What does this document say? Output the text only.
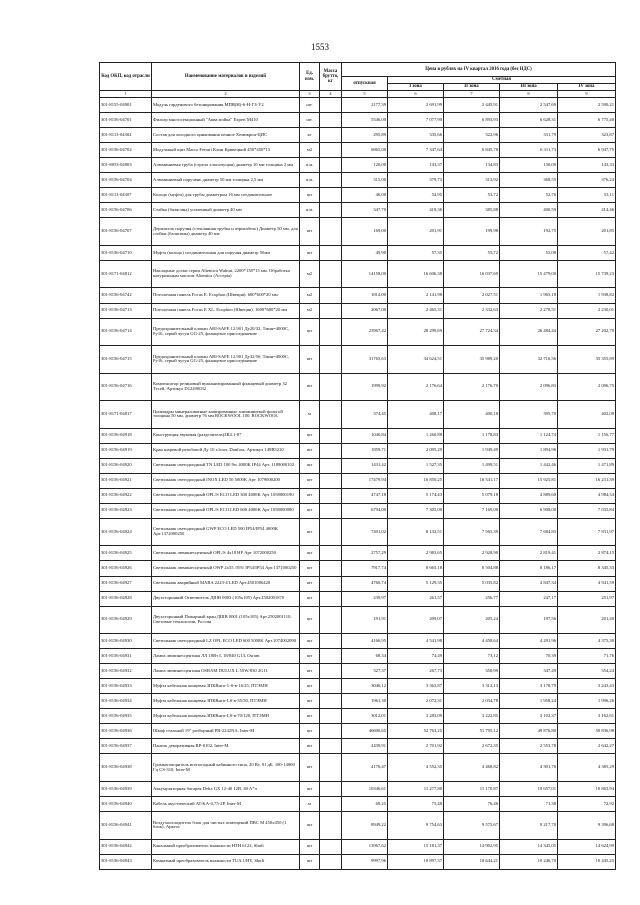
1553
Код ОКП, код отрасли	Наименование материалов и изделий	Ед. изм.	Масса брутто, кг	Цена в рублях на IV квартал 2016 года (без НДС)				
				отпускная	Сметная			
					I зона	II зона	III зона	IV зона
1	2	3	4	5	6	7	8	9
301-8155-04901	Модуль гарденового бетонирования МПВ(Н)-6-Н-ГЗ-У2	шт.		2177,39	2 691,99	2 445,91	2 547,69	2 590,21
301-8156-04701	Фильтр многосекционный "Аква мойка" Expert M410	шт.		5546,00	7 077,90	6 893,93	6 628,31	6 775,40
301-8113-04302	Состав для холодного цинкования пенное Хемикрон-ЦИС	кг		295,89	335,66	322,96	331,79	323,87
301-8156-04702	Модульный щит Marco Ferrari Клин Кривецкий 450*450*15	м2		6865,00	7 347,64	6 845,78	6 311,73	6 947,75
301-8053-04903	Алюминиевая труба (стрела хлопочущая) диаметр 10 мм толщина 2 мм	п.м.		120,00	143,37	134,83	130,09	143,33
301-8156-04704	Алюминиевый поручень диаметр 50 мм толщина 2,5 мм	п.м.		315,00	379,73	313,92	368,55	376,24
301-8113-04307	Кольцо (муфта) для трубы диаметром 16 мм соединительное	шт		46,00	54,95	53,72	52,76	53,11
301-8156-04706	Стойка (балясина) усиленный диаметр 40 мм	п.м.		347,70	418,36	385,88	400,59	414,46
301-8156-04707	Держатель поручня (стеклянная трубка и аэрокабель) Диаметр 50 мм, для стойки (балясины) диаметр 40 мм	шт		169,00	201,91	199,98	192,75	201,85
301-8156-04710	Муфта (кольцо) соединительная для поручня диаметр 50мм	шт		49,90	57,35	55,72	55,08	57,42
301-8171-04812	Накладные доски серии Altentica Walnut, 2200*138*15 мм. Обработка натуральным маслом Altentica (Accepta)	м2		14158,00	16 606,38	16 037,69	15 479,00	15 739,23
301-8156-04742	Потолочная панель Focus E. Ecophon (Швеция). 600*600*20 мм	м2		1814,00	2 141,98	2 027,51	1 965,18	1 938,82
301-8156-04713	Потолочная панель Focus E XL. Ecophon (Швеция). 1600*600*20 мм	м2		2067,00	2 465,31	2 332,63	2 278,51	2 230,01
301-8156-04714	Предохранительный клапан ARI-SAFE 12.901 Ду20/32, Тмин=4000С, Ру16, серый чугун GG-25, фланцевое присоединение	шт		23967,42	28 299,69	27 724,34	26 484,44	27 202,70
301-8156-04715	Предохранительный клапан ARI-SAFE 12.901 Ду32/50, Тмин=4000С, Ру16, серый чугун GG-25, фланцевое присоединение	шт		31765,63	34 624,51	35 989,20	32 716,56	35 355,89
301-8156-04716	Компенсатор резиновый вулканизированный фланцевый диаметр 32 Тесей, Артикул D12200032	шт		1999,92	2 176,64	2 176,70	2 096,83	2 096,75
301-8171-04817	Цилиндры минераловатные кашированные алюминиевой фольгой толщина 50 мм, диаметр 76 мм ROCKWOOL 100, ROCKWOOL	м		374,45	408,17	400,18	395,70	402,09
301-8156-04918	Конструкция звуковая (разделитель)ЗК4.1-87	шт		1040,84	1 260,88	1 178,83	1 124,74	1 156,77
301-8156-04919	Кран шаровой резьбовой Ду 10 х1пол. Danfoss, Артикул 149В5210	шт		1859,71	2 095,29	1 949,49	1 894,96	1 931,79
301-8156-04920	Светильник светодиодный TN LED 100 9w 4000K IP44 Арт. 1189000102	шт		1431,42	1 527,35	1 499,51	1 442,46	1 471,89
301-8156-04921	Светильник светодиодный INOX LED 50 5000K Арт 1079000200	шт		17479,94	16 850,25	16 541,17	15 925,81	16 231,39
301-8156-04922	Светильник светодиодный OPL/S ECO LED 300 4000K Арт 1058000190	шт		4747,18	5 174,43	5 079,18	4 889,60	4 984,54
301-8156-04923	Светильник светодиодный OPL/S ECO LED 600 4000K Арт 1058000080	шт		6794,00	7 305,00	7 169,00	6 908,00	7 035,84
301-8156-04924	Светильник светодиодный GWP ECO LED 500 IP54/IP54 4000K Арт.1372000250	шт		7401,02	8 132,51	7 565,39	7 684,83	7 831,97
301-8156-04925	Светильник люминесцентный OPL/S 4x18 HF Арт 1072000250	шт		2757,29	2 983,65	2 928,90	2 819,41	2 874,15
301-8156-04926	Светильник люминесцентный OWP 2x55 /595/ IP54/IP54 Арт.1371000250	шт		7917,74	8 665,18	8 504,88	8 186,17	8 345,33
301-8156-04927	Светильник аварийный MARA 2223-4 LED Арт.4501006420	шт		4766,74	5 129,35	5 035,82	4 847,34	4 941,59
301-8156-04928	Двухсторонний Ответвитель ДШВ 0003 (105x105) Арт.2502001870	шт		239,97	261,57	256,77	247,17	251,97
301-8156-04929	Двухсторонний Пожарный кран ДШВ 0001 (105x105) Арт.2502001110, Световые технологии, Россия	шт		191,91	209,07	205,24	197,56	201,40
301-8156-04930	Светильник светодиодный LZ OPL ECO LED 600 5000K Арт.1074002090	шт		4166,95	4 541,98	4 458,64	4 291,96	4 375,30
301-8156-04931	Лампа люминесцентная ЛЛ 18Вт L 18/840 G13, Osram	шт		68,34	74,49	73,12	70,39	71,76
301-8156-04932	Лампа люминесцентная OSRAM DULUX L 55W/830 2G11	шт		327,37	267,73	350,99	347,49	354,24
301-8156-04933	Муфта кабельная концевая 3ПКВнгп-1-S-в-16/25, ПТЭМН	шт		3046,12	3 363,87	3 312,13	3 178,79	3 243,43
301-8156-04934	Муфта кабельная концевая 3ПКВнгп-LS-в-35/50, ПТЭМН	шт		1961,30	2 072,31	2 034,78	1 958,24	1 996,26
301-8156-04935	Муфта кабельная концевая 3ПКВнгп-LS-в-70/120, ПТЭМН	шт		3012,01	3 283,09	3 222,85	3 102,37	3 162,61
301-8156-04936	Шкаф стальной 19" разборный PR-2242NA, Inter-M	шт		46606,65	52 763,25	51 795,12	49 876,80	50 836,98
301-8156-04937	Панель декоративная RP-0102, Inter-M	шт		2439,91	2 701,92	2 672,35	2 553,78	2 642,27
301-8156-04938	Громкоговоритель всепогодный кабинного типа, 20 Вт, 91 дБ, 180-14000 Гц CS-310, Inter-M	шт		4176,47	4 552,35	4 468,82	4 301,76	4 385,29
301-8156-04939	Аккумуляторная батарея Delta GX 12-40 12В, 40 А*ч	шт		10346,61	11 277,80	11 170,87	10 657,01	10 863,94
301-8156-04940	Кабель акустический AT-KA-0,75-2P, Inter-M	м		69,25	75,48	76,46	71,38	72,92
301-8156-04941	Воздухоохладитель блок для чистых помещений ПВС М 450х450 (1 блок), Арктос	шт		8949,22	9 754,63	9 575,67	9 217,70	9 396,68
301-8156-04942	Канальный преобразователь влажности НТН 6122, Shuft	шт		13967,62	15 181,37	14 902,95	14 345,05	14 624,99
301-8156-04943	Комнатный преобразователь влажности TUA 1/HY, Shuft	шт		9997,96	10 897,37	10 644,21	10 246,70	10 445,25
